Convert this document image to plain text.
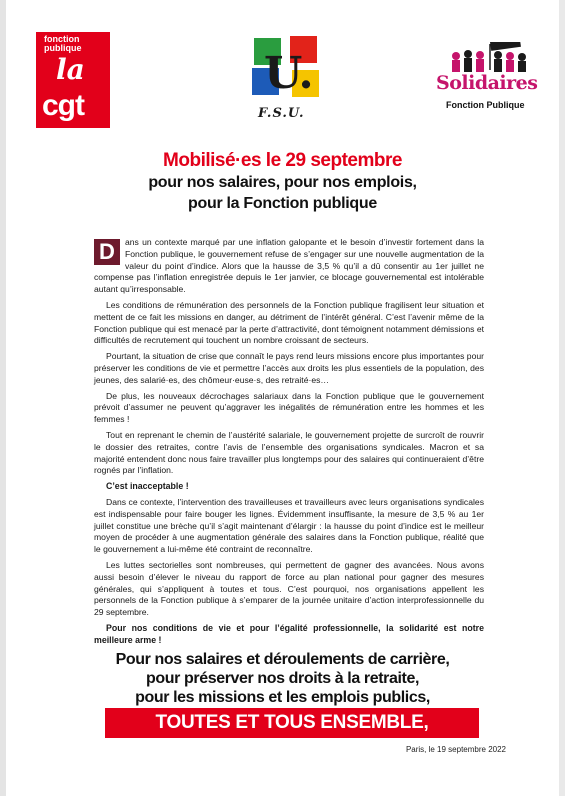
fonction
publique
la
cgt
U.
F.S.U.
Solidaires
Fonction Publique
Mobilisé·es le 29 septembre
pour nos salaires, pour nos emplois,
pour la Fonction publique

D	ans un contexte marqué par une inflation galopante et le besoin d’investir fortement dans la Fonction publique, le gouvernement refuse de s’engager sur une nouvelle augmentation de la valeur du point d’indice. Alors que la hausse de 3,5 % qu’il a dû consentir au 1er juillet ne compense pas l’inflation enregistrée depuis le 1er janvier, ce blocage gouvernemental est intolérable autant qu’irresponsable.

Les conditions de rémunération des personnels de la Fonction publique fragilisent leur situation et mettent de ce fait les missions en danger, au détriment de l’intérêt général. C’est l’avenir même de la Fonction publique qui est menacé par la perte d’attractivité, dont témoignent notamment démissions et difficultés de recrutement qui touchent un nombre croissant de secteurs.

Pourtant, la situation de crise que connaît le pays rend leurs missions encore plus importantes pour préserver les conditions de vie et permettre l’accès aux droits les plus essentiels de la population, des jeunes, des salarié·es, des chômeur·euse·s, des retraité·es…

De plus, les nouveaux décrochages salariaux dans la Fonction publique que le gouvernement prévoit d’assumer ne peuvent qu’aggraver les inégalités de rémunération entre les hommes et les femmes !

Tout en reprenant le chemin de l’austérité salariale, le gouvernement projette de surcroît de rouvrir le dossier des retraites, contre l’avis de l’ensemble des organisations syndicales. Macron et sa majorité entendent donc nous faire travailler plus longtemps pour des salaires qui continueraient d’être rognés par l’inflation.

C’est inacceptable !

Dans ce contexte, l’intervention des travailleuses et travailleurs avec leurs organisations syndicales est indispensable pour faire bouger les lignes. Évidemment insuffisante, la mesure de 3,5 % au 1er juillet constitue une brèche qu’il s’agit maintenant d’élargir : la hausse du point d’indice est le meilleur moyen de procéder à une augmentation générale des salaires dans la Fonction publique, réalité que le gouvernement a lui-même été contraint de reconnaître.

Les luttes sectorielles sont nombreuses, qui permettent de gagner des avancées. Nous avons aussi besoin d’élever le niveau du rapport de force au plan national pour gagner des mesures générales, qui s’appliquent à toutes et tous. C’est pourquoi, nos organisations appellent les personnels de la Fonction publique à s’emparer de la journée unitaire d’action interprofessionnelle du 29 septembre.

Pour nos conditions de vie et pour l’égalité professionnelle, la solidarité est notre meilleure arme !

Pour nos salaires et déroulements de carrière,
pour préserver nos droits à la retraite,
pour les missions et les emplois publics,
TOUTES ET TOUS ENSEMBLE, AGISSONS !	Paris, le 19 septembre 2022
